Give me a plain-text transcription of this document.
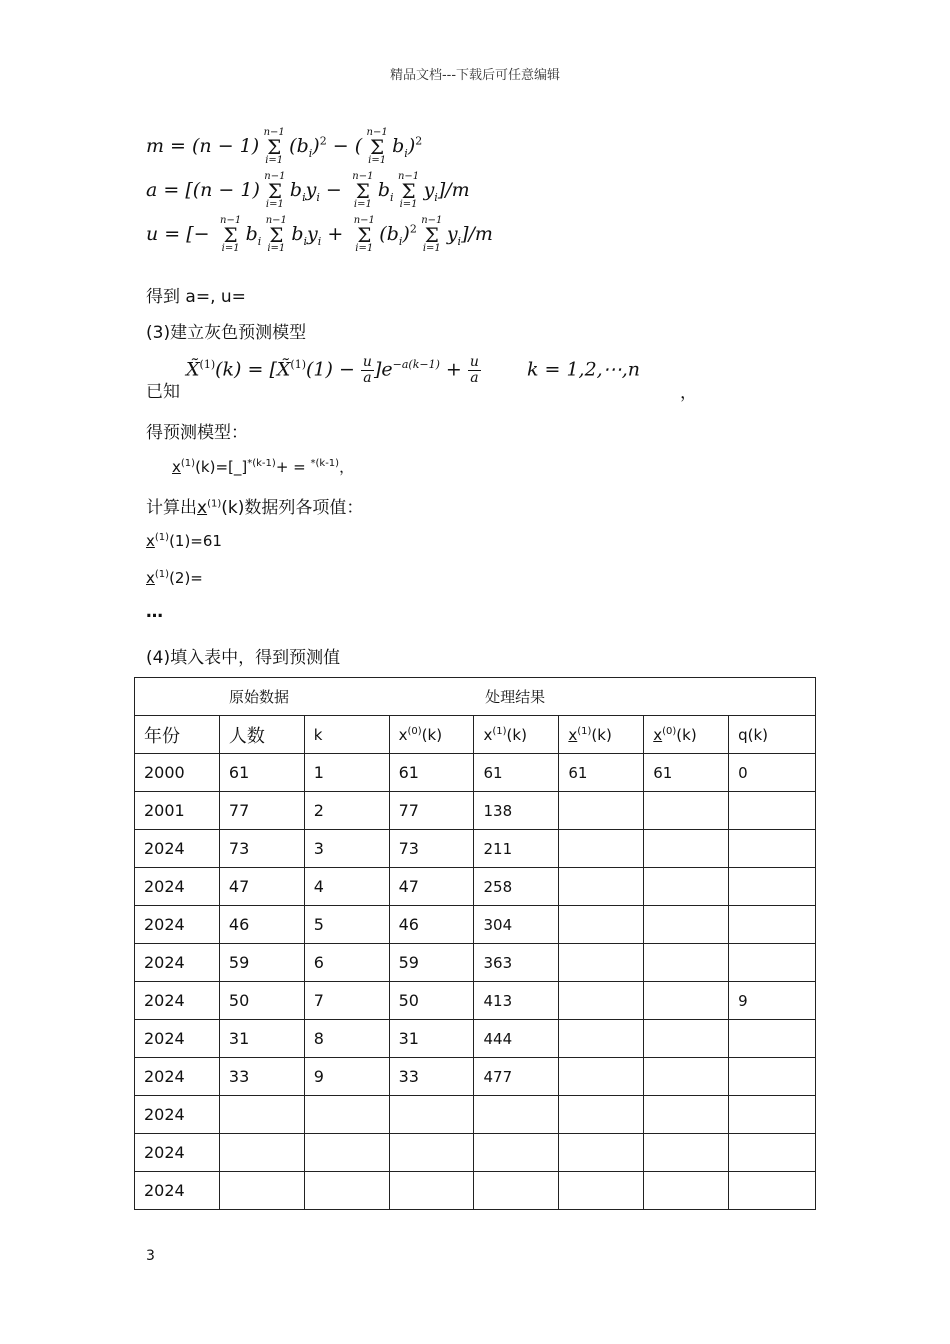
精品文档---下载后可任意编辑
m = (n − 1)
n−1
Σ
i=1
$(b_i)^2$ − (
n−1
Σ
i=1
$b_i)^2$
a = [(n − 1)
n−1
Σ
i=1
$b_iy_i$ −
n−1
Σ
i=1
$b_i$
n−1
Σ
i=1
$y_i]/m$
u = [−
n−1
Σ
i=1
$b_i$
n−1
Σ
i=1
$b_iy_i$ +
n−1
Σ
i=1
$(b_i)^2$
n−1
Σ
i=1
$y_i]/m$
得到 a=, u=
(3)建立灰色预测模型
已知
X̃$^{(1)}$(k) = [X̃$^{(1)}$(1) − $\frac{u}{a} ]e^{-a(k-1)} + \frac{u}{a}$ k = 1,2,⋯,n
，
得预测模型：
$x^{(1)}(k)=[\_]^{*(k-1)}+ = ^{*(k-1)}$，
计算出$x^{(1)}(k)$数据列各项值：
$x^{(1)}(1)=61$
$x^{(1)}(2)=$
…
(4)填入表中，得到预测值
原始数据			处理结果				
年份	人数	k	$x^{(0)}(k)$	$x^{(1)}(k)$	$x^{(1)}(k)$	$x^{(0)}(k)$	q(k)
2000	61	1	61	61	61	61	0
2001	77	2	77	138			
2024	73	3	73	211			
2024	47	4	47	258			
2024	46	5	46	304			
2024	59	6	59	363			
2024	50	7	50	413			9
2024	31	8	31	444			
2024	33	9	33	477			
2024							
2024							
2024							
3
